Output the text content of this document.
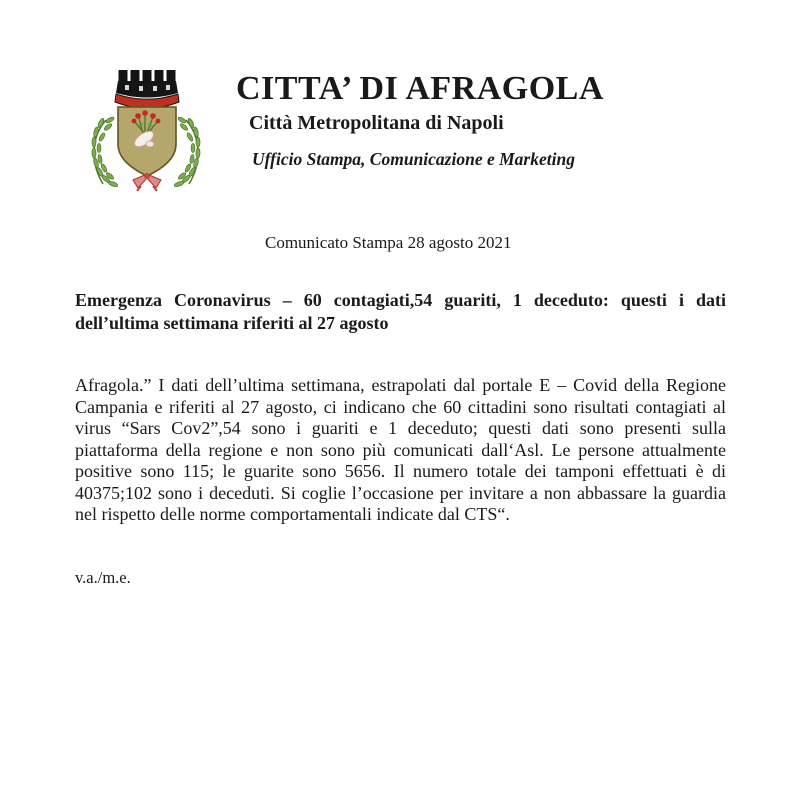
CITTA’ DI AFRAGOLA
Città Metropolitana di Napoli
Ufficio Stampa, Comunicazione e Marketing
Comunicato Stampa 28 agosto 2021
Emergenza Coronavirus – 60 contagiati,54 guariti, 1 deceduto: questi i dati
dell’ultima settimana riferiti al 27 agosto
Afragola.” I dati dell’ultima settimana, estrapolati dal portale E – Covid della Regione
Campania e riferiti al 27 agosto, ci indicano che 60 cittadini sono risultati contagiati al
virus “Sars Cov2”,54 sono i guariti e 1 deceduto; questi dati sono presenti sulla
piattaforma della regione e non sono più comunicati dall‘Asl. Le persone attualmente
positive sono 115; le guarite sono 5656. Il numero totale dei tamponi effettuati è di
40375;102 sono i deceduti. Si coglie l’occasione per invitare a non abbassare la guardia
nel rispetto delle norme comportamentali indicate dal CTS“.
v.a./m.e.
